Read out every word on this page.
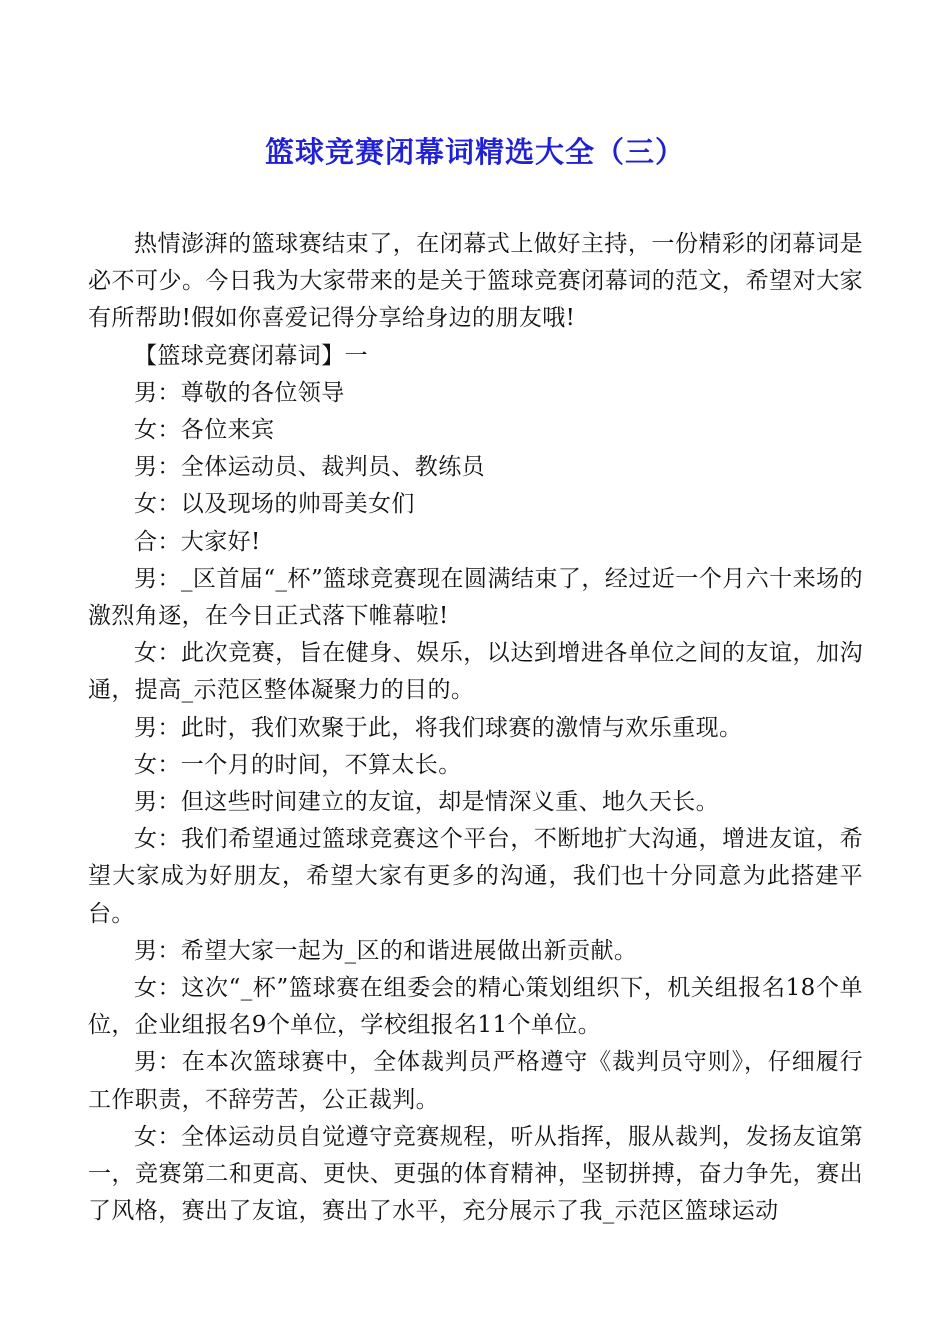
篮球竞赛闭幕词精选大全（三）

热情澎湃的篮球赛结束了，在闭幕式上做好主持，一份精彩的闭幕词是必不可少。今日我为大家带来的是关于篮球竞赛闭幕词的范文，希望对大家有所帮助!假如你喜爱记得分享给身边的朋友哦!

【篮球竞赛闭幕词】一

男：尊敬的各位领导

女：各位来宾

男：全体运动员、裁判员、教练员

女：以及现场的帅哥美女们

合：大家好!

男：_区首届“_杯”篮球竞赛现在圆满结束了，经过近一个月六十来场的激烈角逐，在今日正式落下帷幕啦!

女：此次竞赛，旨在健身、娱乐，以达到增进各单位之间的友谊，加沟通，提高_示范区整体凝聚力的目的。

男：此时，我们欢聚于此，将我们球赛的激情与欢乐重现。

女：一个月的时间，不算太长。

男：但这些时间建立的友谊，却是情深义重、地久天长。

女：我们希望通过篮球竞赛这个平台，不断地扩大沟通，增进友谊，希望大家成为好朋友，希望大家有更多的沟通，我们也十分同意为此搭建平台。

男：希望大家一起为_区的和谐进展做出新贡献。

女：这次“_杯”篮球赛在组委会的精心策划组织下，机关组报名18个单位，企业组报名9个单位，学校组报名11个单位。

男：在本次篮球赛中，全体裁判员严格遵守《裁判员守则》，仔细履行工作职责，不辞劳苦，公正裁判。

女：全体运动员自觉遵守竞赛规程，听从指挥，服从裁判，发扬友谊第一，竞赛第二和更高、更快、更强的体育精神，坚韧拼搏，奋力争先，赛出了风格，赛出了友谊，赛出了水平，充分展示了我_示范区篮球运动
